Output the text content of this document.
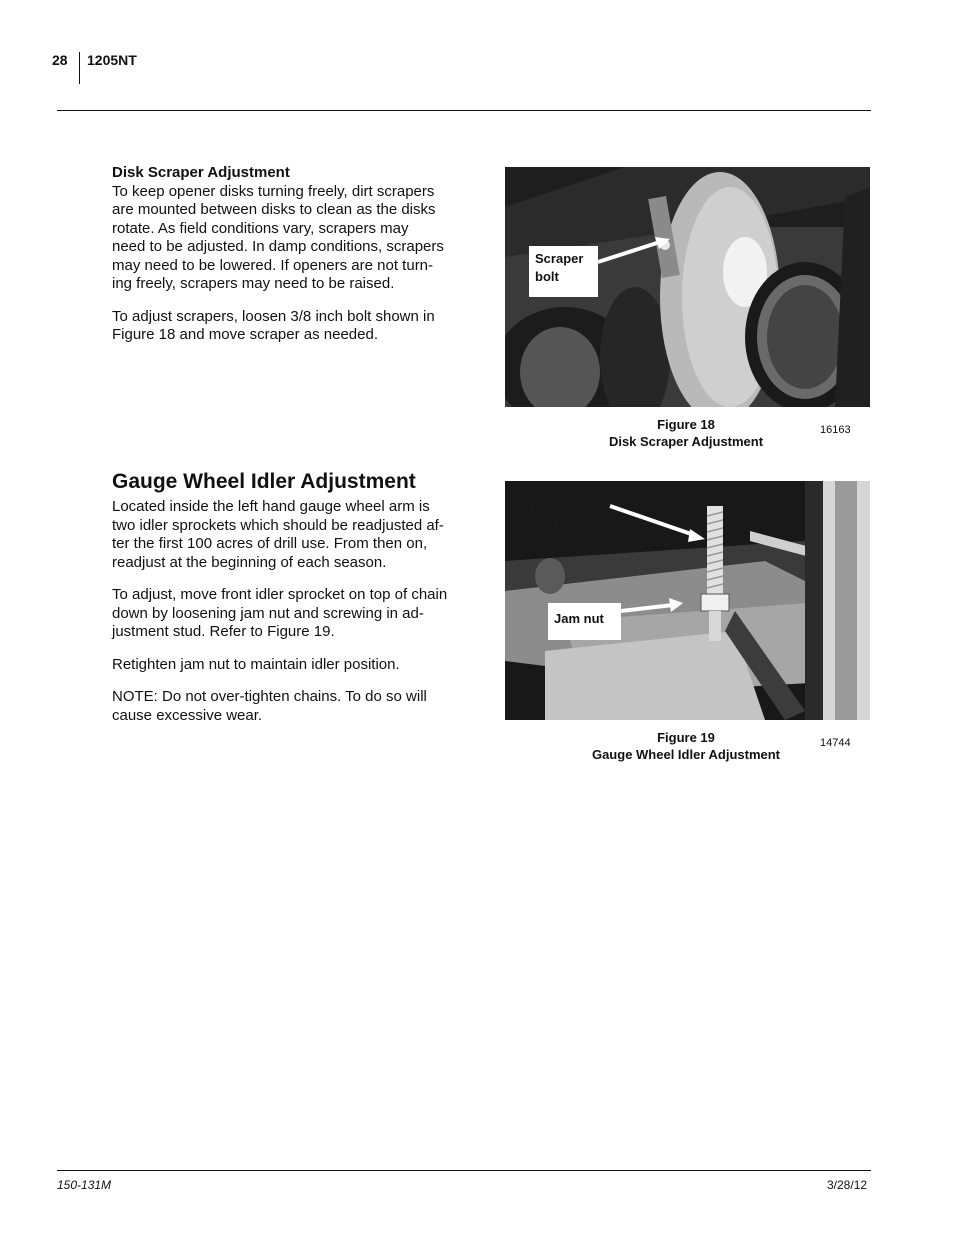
28 1205NT
Disk Scraper Adjustment

To keep opener disks turning freely, dirt scrapers
are mounted between disks to clean as the disks
rotate. As field conditions vary, scrapers may
need to be adjusted. In damp conditions, scrapers
may need to be lowered. If openers are not turn-
ing freely, scrapers may need to be raised.

To adjust scrapers, loosen 3/8 inch bolt shown in
Figure 18 and move scraper as needed.

Scraper
bolt
Figure 18
Disk Scraper Adjustment
16163
Gauge Wheel Idler Adjustment

Located inside the left hand gauge wheel arm is
two idler sprockets which should be readjusted af-
ter the first 100 acres of drill use. From then on,
readjust at the beginning of each season.

To adjust, move front idler sprocket on top of chain
down by loosening jam nut and screwing in ad-
justment stud. Refer to Figure 19.

Retighten jam nut to maintain idler position.

NOTE: Do not over-tighten chains. To do so will
cause excessive wear.

Adjustment
stud
Jam nut
Figure 19
Gauge Wheel Idler Adjustment
14744
150-131M	3/28/12
